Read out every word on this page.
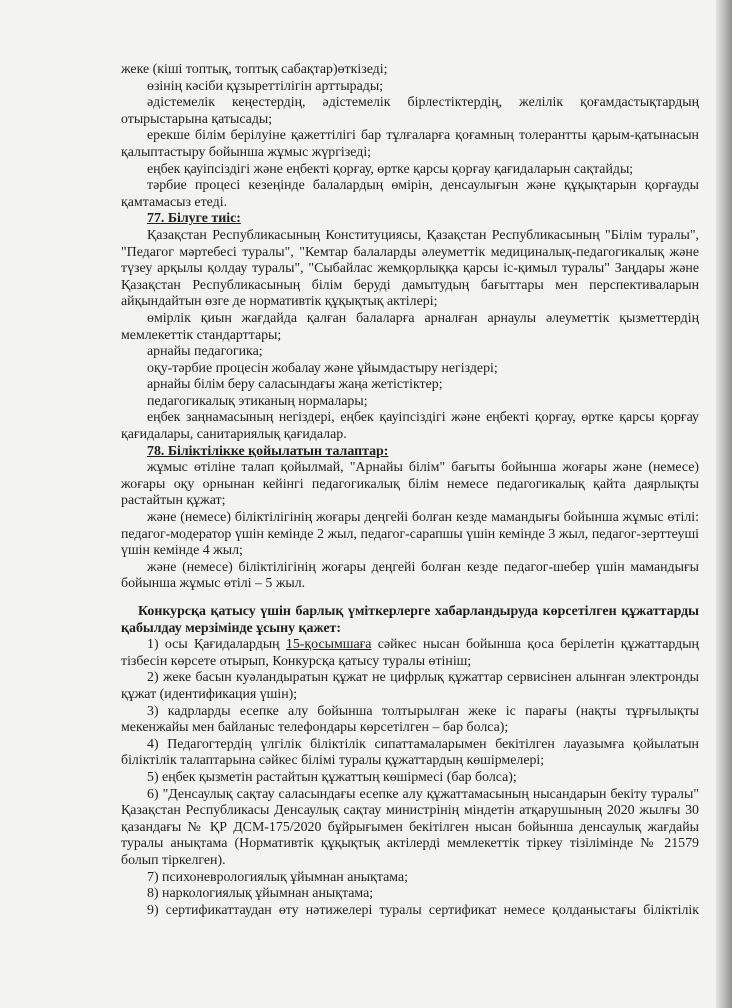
жеке (кіші топтық, топтық сабақтар)өткізеді;

өзінің кәсіби құзыреттілігін арттырады;

әдістемелік кеңестердің, әдістемелік бірлестіктердің, желілік қоғамдастықтардың отырыстарына қатысады;

ерекше білім берілуіне қажеттілігі бар тұлғаларға қоғамның толерантты қарым-қатынасын қалыптастыру бойынша жұмыс жүргізеді;

еңбек қауіпсіздігі және еңбекті қорғау, өртке қарсы қорғау қағидаларын сақтайды;

тәрбие процесі кезеңінде балалардың өмірін, денсаулығын және құқықтарын қорғауды қамтамасыз етеді.

77. Білуге тиіс:

Қазақстан Республикасының Конституциясы, Қазақстан Республикасының "Білім туралы", "Педагог мәртебесі туралы", "Кемтар балаларды әлеуметтік медициналық-педагогикалық және түзеу арқылы қолдау туралы", "Сыбайлас жемқорлыққа қарсы іс-қимыл туралы" Заңдары және Қазақстан Республикасының білім беруді дамытудың бағыттары мен перспективаларын айқындайтын өзге де нормативтік құқықтық актілері;

өмірлік қиын жағдайда қалған балаларға арналған арнаулы әлеуметтік қызметтердің мемлекеттік стандарттары;

арнайы педагогика;

оқу-тәрбие процесін жобалау және ұйымдастыру негіздері;

арнайы білім беру саласындағы жаңа жетістіктер;

педагогикалық этиканың нормалары;

еңбек заңнамасының негіздері, еңбек қауіпсіздігі және еңбекті қорғау, өртке қарсы қорғау қағидалары, санитариялық қағидалар.

78. Біліктілікке қойылатын талаптар:

жұмыс өтіліне талап қойылмай, "Арнайы білім" бағыты бойынша жоғары және (немесе) жоғары оқу орнынан кейінгі педагогикалық білім немесе педагогикалық қайта даярлықты растайтын құжат;

және (немесе) біліктілігінің жоғары деңгейі болған кезде мамандығы бойынша жұмыс өтілі: педагог-модератор үшін кемінде 2 жыл, педагог-сарапшы үшін кемінде 3 жыл, педагог-зерттеуші үшін кемінде 4 жыл;

және (немесе) біліктілігінің жоғары деңгейі болған кезде педагог-шебер үшін мамандығы бойынша жұмыс өтілі – 5 жыл.

Конкурсқа қатысу үшін барлық үміткерлерге хабарландыруда көрсетілген құжаттарды қабылдау мерзімінде ұсыну қажет:

1) осы Қағидалардың 15-қосымшаға сәйкес нысан бойынша қоса берілетін құжаттардың тізбесін көрсете отырып, Конкурсқа қатысу туралы өтініш;

2) жеке басын куәландыратын құжат не цифрлық құжаттар сервисінен алынған электронды құжат (идентификация үшін);

3) кадрларды есепке алу бойынша толтырылған жеке іс парағы (нақты тұрғылықты мекенжайы мен байланыс телефондары көрсетілген – бар болса);

4) Педагогтердің үлгілік біліктілік сипаттамаларымен бекітілген лауазымға қойылатын біліктілік талаптарына сәйкес білімі туралы құжаттардың көшірмелері;

5) еңбек қызметін растайтын құжаттың көшірмесі (бар болса);

6) "Денсаулық сақтау саласындағы есепке алу құжаттамасының нысандарын бекіту туралы" Қазақстан Республикасы Денсаулық сақтау министрінің міндетін атқарушының 2020 жылғы 30 қазандағы № ҚР ДСМ-175/2020 бұйрығымен бекітілген нысан бойынша денсаулық жағдайы туралы анықтама (Нормативтік құқықтық актілерді мемлекеттік тіркеу тізілімінде № 21579 болып тіркелген).

7) психоневрологиялық ұйымнан анықтама;

8) наркологиялық ұйымнан анықтама;

9) сертификаттаудан өту нәтижелері туралы сертификат немесе қолданыстағы біліктілік
